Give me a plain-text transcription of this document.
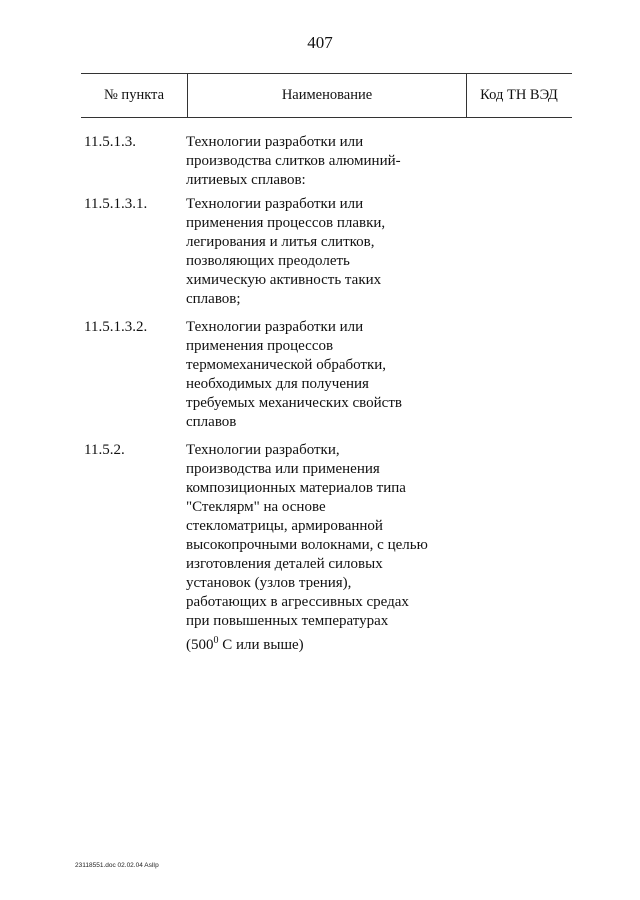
407
№ пункта	Наименование	Код ТН ВЭД
11.5.1.3.	Технологии разработки или
производства слитков алюминий-
литиевых сплавов:
11.5.1.3.1.	Технологии разработки или
применения процессов плавки,
легирования и литья слитков,
позволяющих преодолеть
химическую активность таких
сплавов;
11.5.1.3.2.	Технологии разработки или
применения процессов
термомеханической обработки,
необходимых для получения
требуемых механических свойств
сплавов
11.5.2.	Технологии разработки,
производства или применения
композиционных материалов типа
"Стеклярм" на основе
стекломатрицы, армированной
высокопрочными волокнами, с целью
изготовления деталей силовых
установок (узлов трения),
работающих в агрессивных средах
при повышенных температурах
($500^0$ С или выше)
23118551.doc 02.02.04 AslIp
